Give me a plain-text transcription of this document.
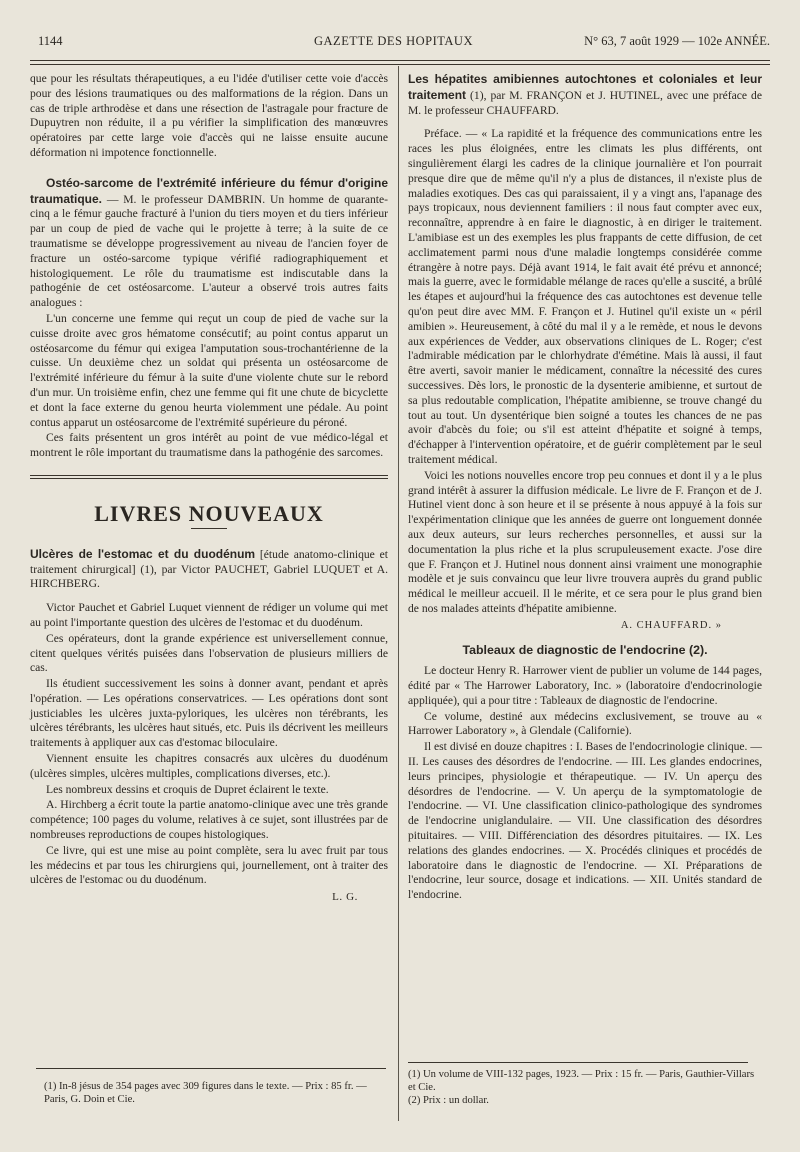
1144	GAZETTE DES HOPITAUX	N° 63, 7 août 1929 — 102e ANNÉE.

que pour les résultats thérapeutiques, a eu l'idée d'utiliser cette voie d'accès pour des lésions traumatiques ou des malformations de la région. Dans un cas de triple arthrodèse et dans une résection de l'astragale pour fracture de Dupuytren non réduite, il a pu vérifier la simplification des manœuvres opératoires par cette large voie d'accès qui ne laisse ensuite aucune déformation ni impotence fonctionnelle.

Ostéo-sarcome de l'extrémité inférieure du fémur d'origine traumatique. — M. le professeur DAMBRIN. Un homme de quarante-cinq a le fémur gauche fracturé à l'union du tiers moyen et du tiers inférieur par un coup de pied de vache qui le projette à terre; à la suite de ce traumatisme se développe progressivement au niveau de l'ancien foyer de fracture un ostéo-sarcome typique vérifié radiographiquement et histologiquement. Le rôle du traumatisme est indiscutable dans la pathogénie de cet ostéosarcome. L'auteur a observé trois autres faits analogues :

L'un concerne une femme qui reçut un coup de pied de vache sur la cuisse droite avec gros hématome consécutif; au point contus apparut un ostéosarcome du fémur qui exigea l'amputation sous-trochantérienne de la cuisse. Un deuxième chez un soldat qui présenta un ostéosarcome de l'extrémité inférieure du fémur à la suite d'une violente chute sur le rebord d'un mur. Un troisième enfin, chez une femme qui fit une chute de bicyclette et dont la face externe du genou heurta violemment une pédale. Au point contus apparut un ostéosarcome de l'extrémité supérieure du péroné.

Ces faits présentent un gros intérêt au point de vue médico-légal et montrent le rôle important du traumatisme dans la pathogénie des sarcomes.

LIVRES NOUVEAUX

Ulcères de l'estomac et du duodénum [étude anatomo-clinique et traitement chirurgical] (1), par Victor PAUCHET, Gabriel LUQUET et A. HIRCHBERG.

Victor Pauchet et Gabriel Luquet viennent de rédiger un volume qui met au point l'importante question des ulcères de l'estomac et du duodénum.

Ces opérateurs, dont la grande expérience est universellement connue, citent quelques vérités puisées dans l'observation de plusieurs milliers de cas.

Ils étudient successivement les soins à donner avant, pendant et après l'opération. — Les opérations conservatrices. — Les opérations dont sont justiciables les ulcères juxta-pyloriques, les ulcères non térébrants, les ulcères térébrants, les ulcères haut situés, etc. Puis ils décrivent les meilleurs traitements à appliquer aux cas d'estomac biloculaire.

Viennent ensuite les chapitres consacrés aux ulcères du duodénum (ulcères simples, ulcères multiples, complications diverses, etc.).

Les nombreux dessins et croquis de Dupret éclairent le texte.

A. Hirchberg a écrit toute la partie anatomo-clinique avec une très grande compétence; 100 pages du volume, relatives à ce sujet, sont illustrées par de nombreuses reproductions de coupes histologiques.

Ce livre, qui est une mise au point complète, sera lu avec fruit par tous les médecins et par tous les chirurgiens qui, journellement, ont à traiter des ulcères de l'estomac ou du duodénum.

L. G.
(1) In-8 jésus de 354 pages avec 309 figures dans le texte. — Prix : 85 fr. — Paris, G. Doin et Cie.

Les hépatites amibiennes autochtones et coloniales et leur traitement (1), par M. FRANÇON et J. HUTINEL, avec une préface de M. le professeur CHAUFFARD.

Préface. — « La rapidité et la fréquence des communications entre les races les plus éloignées, entre les climats les plus différents, ont singulièrement élargi les cadres de la clinique journalière et l'on pourrait presque dire que de même qu'il n'y a plus de distances, il n'existe plus de maladies exotiques. Des cas qui paraissaient, il y a vingt ans, l'apanage des pays tropicaux, nous deviennent familiers : il nous faut compter avec eux, reconnaître, apprendre à en faire le diagnostic, à en diriger le traitement. L'amibiase est un des exemples les plus frappants de cette diffusion, de cet acclimatement parmi nous d'une maladie longtemps considérée comme étrangère à notre pays. Déjà avant 1914, le fait avait été prévu et annoncé; mais la guerre, avec le formidable mélange de races qu'elle a suscité, a brûlé les étapes et aujourd'hui la fréquence des cas autochtones est devenue telle qu'on peut dire avec MM. F. Françon et J. Hutinel qu'il existe un « péril amibien ». Heureusement, à côté du mal il y a le remède, et nous le devons aux expériences de Vedder, aux observations cliniques de L. Roger; c'est l'admirable médication par le chlorhydrate d'émétine. Mais là aussi, il faut être averti, savoir manier le médicament, connaître la nécessité des cures successives. Dès lors, le pronostic de la dysenterie amibienne, et surtout de sa plus redoutable complication, l'hépatite amibienne, se trouve changé du tout au tout. Un dysentérique bien soigné a toutes les chances de ne pas avoir d'abcès du foie; ou s'il est atteint d'hépatite et soigné à temps, d'échapper à l'intervention opératoire, et de guérir complètement par le seul traitement médical.

Voici les notions nouvelles encore trop peu connues et dont il y a le plus grand intérêt à assurer la diffusion médicale. Le livre de F. Françon et de J. Hutinel vient donc à son heure et il se présente à nous appuyé à la fois sur l'expérimentation clinique que les années de guerre ont longuement donnée aux deux auteurs, sur leurs recherches personnelles, et aussi sur la documentation la plus riche et la plus scrupuleusement exacte. J'ose dire que F. Françon et J. Hutinel nous donnent ainsi vraiment une monographie modèle et je suis convaincu que leur livre trouvera auprès du grand public médical le meilleur accueil. Il le mérite, et ce sera pour le plus grand bien de nos malades atteints d'hépatite amibienne.

A. CHAUFFARD. »
Tableaux de diagnostic de l'endocrine (2).

Le docteur Henry R. Harrower vient de publier un volume de 144 pages, édité par « The Harrower Laboratory, Inc. » (laboratoire d'endocrinologie appliquée), qui a pour titre : Tableaux de diagnostic de l'endocrine.

Ce volume, destiné aux médecins exclusivement, se trouve au « Harrower Laboratory », à Glendale (Californie).

Il est divisé en douze chapitres : I. Bases de l'endocrinologie clinique. — II. Les causes des désordres de l'endocrine. — III. Les glandes endocrines, leurs principes, physiologie et thérapeutique. — IV. Un aperçu des désordres de l'endocrine. — V. Un aperçu de la symptomatologie de l'endocrine. — VI. Une classification clinico-pathologique des syndromes de l'endocrine uniglandulaire. — VII. Une classification des désordres pituitaires. — VIII. Différenciation des désordres pituitaires. — IX. Les relations des glandes endocrines. — X. Procédés cliniques et procédés de laboratoire dans le diagnostic de l'endocrine. — XI. Préparations de l'endocrine, leur source, dosage et indications. — XII. Unités standard de l'endocrine.

(1) Un volume de VIII-132 pages, 1923. — Prix : 15 fr. — Paris, Gauthier-Villars et Cie.
(2) Prix : un dollar.
